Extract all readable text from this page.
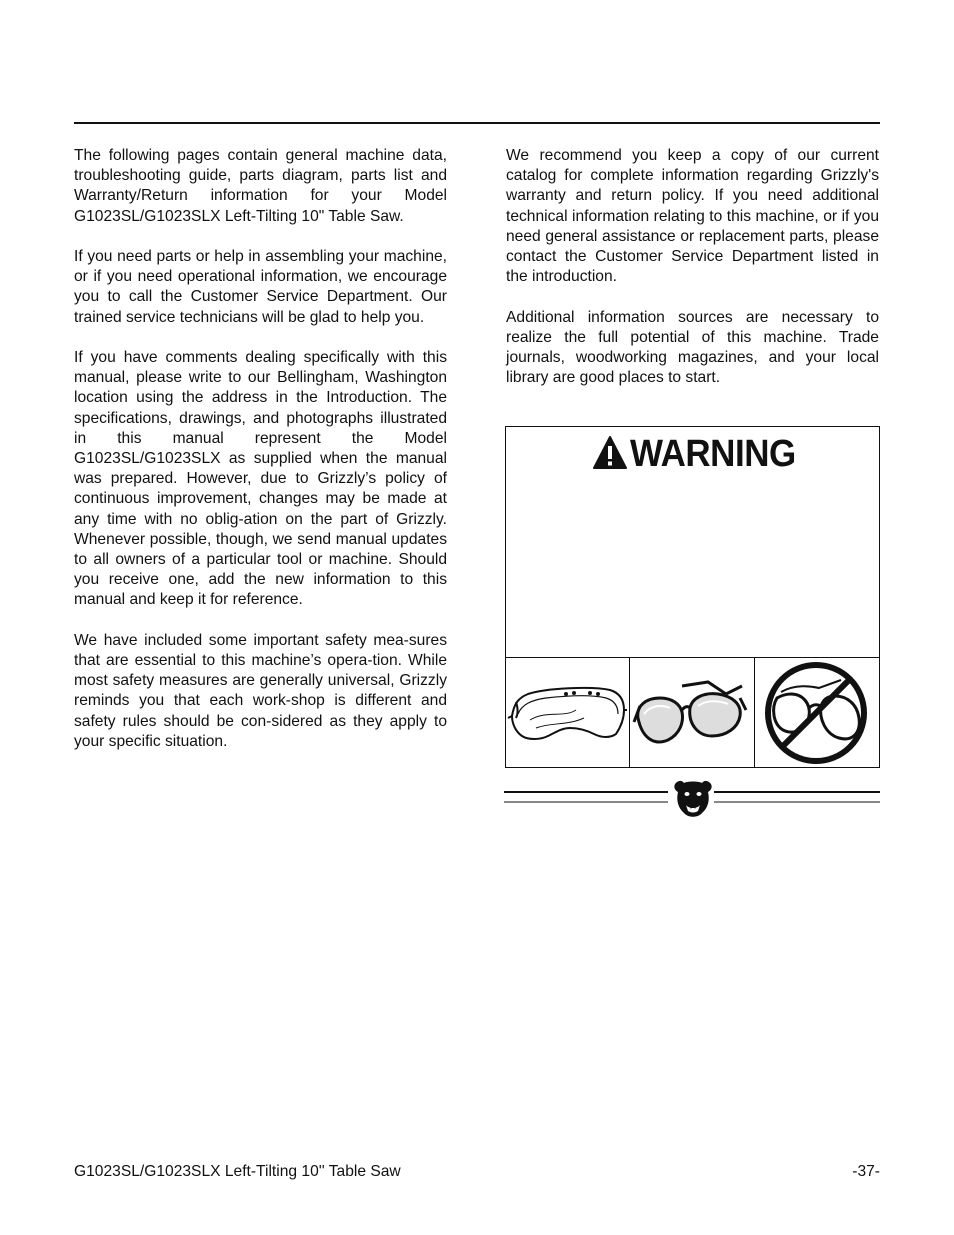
The following pages contain general machine data, troubleshooting guide, parts diagram, parts list and Warranty/Return information for your Model G1023SL/G1023SLX Left-Tilting 10" Table Saw.

If you need parts or help in assembling your machine, or if you need operational information, we encourage you to call the Customer Service Department. Our trained service technicians will be glad to help you.

If you have comments dealing specifically with this manual, please write to our Bellingham, Washington location using the address in the Introduction. The specifications, drawings, and photographs illustrated in this manual represent the Model G1023SL/G1023SLX as supplied when the manual was prepared. However, due to Grizzly’s policy of continuous improvement, changes may be made at any time with no oblig-ation on the part of Grizzly. Whenever possible, though, we send manual updates to all owners of a particular tool or machine. Should you receive one, add the new information to this manual and keep it for reference.

We have included some important safety mea-sures that are essential to this machine’s opera-tion. While most safety measures are generally universal, Grizzly reminds you that each work-shop is different and safety rules should be con-sidered as they apply to your specific situation.

We recommend you keep a copy of our current catalog for complete information regarding Grizzly's warranty and return policy. If you need additional technical information relating to this machine, or if you need general assistance or replacement parts, please contact the Customer Service Department listed in the introduction.

Additional information sources are necessary to realize the full potential of this machine. Trade journals, woodworking magazines, and your local library are good places to start.

WARNING
G1023SL/G1023SLX Left-Tilting 10'' Table Saw	-37-
